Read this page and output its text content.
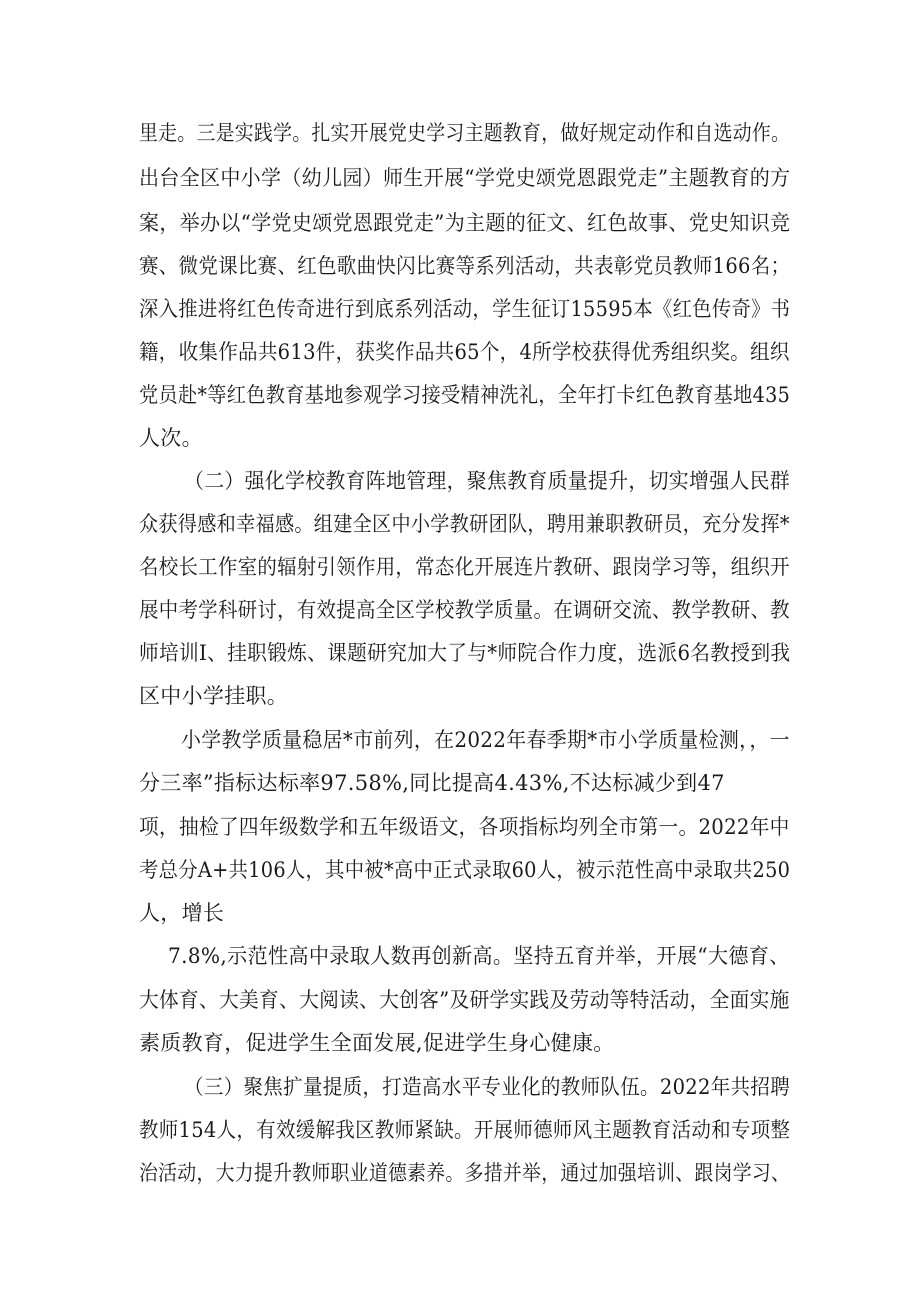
里走。三是实践学。扎实开展党史学习主题教育，做好规定动作和自选动作。
出台全区中小学（幼儿园）师生开展“学党史颂党恩跟党走”主题教育的方
案，举办以“学党史颂党恩跟党走”为主题的征文、红色故事、党史知识竞
赛、微党课比赛、红色歌曲快闪比赛等系列活动，共表彰党员教师166名；
深入推进将红色传奇进行到底系列活动，学生征订15595本《红色传奇》书
籍，收集作品共613件，获奖作品共65个，4所学校获得优秀组织奖。组织
党员赴*等红色教育基地参观学习接受精神洗礼，全年打卡红色教育基地435
人次。
（二）强化学校教育阵地管理，聚焦教育质量提升，切实增强人民群
众获得感和幸福感。组建全区中小学教研团队，聘用兼职教研员，充分发挥*
名校长工作室的辐射引领作用，常态化开展连片教研、跟岗学习等，组织开
展中考学科研讨，有效提高全区学校教学质量。在调研交流、教学教研、教
师培训I、挂职锻炼、课题研究加大了与*师院合作力度，选派6名教授到我
区中小学挂职。
小学教学质量稳居*市前列，在2022年春季期*市小学质量检测，，一
分三率”指标达标率97.58%,同比提高4.43%,不达标减少到47
项，抽检了四年级数学和五年级语文，各项指标均列全市第一。2022年中
考总分A+共106人，其中被*高中正式录取60人，被示范性高中录取共250
人，增长
7.8%,示范性高中录取人数再创新高。坚持五育并举，开展“大德育、
大体育、大美育、大阅读、大创客”及研学实践及劳动等特活动，全面实施
素质教育，促进学生全面发展,促进学生身心健康。
（三）聚焦扩量提质，打造高水平专业化的教师队伍。2022年共招聘
教师154人，有效缓解我区教师紧缺。开展师德师风主题教育活动和专项整
治活动，大力提升教师职业道德素养。多措并举，通过加强培训、跟岗学习、
